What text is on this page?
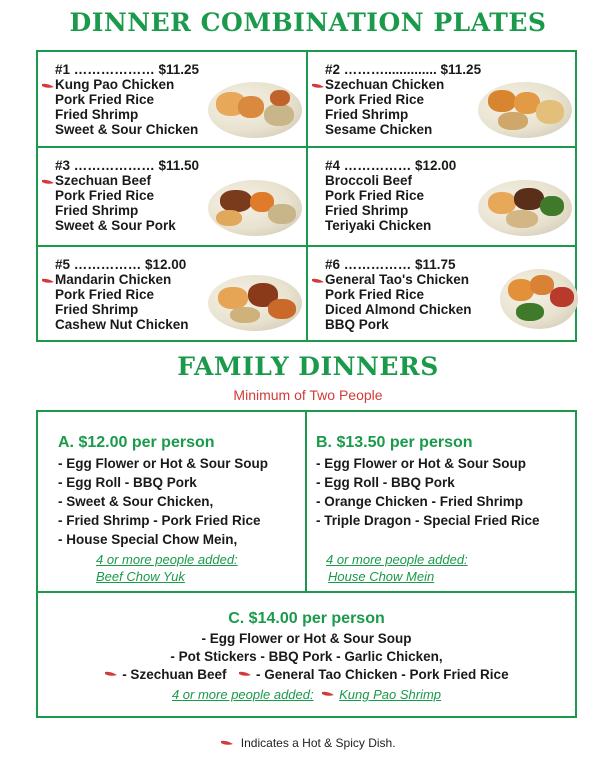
DINNER COMBINATION PLATES
#1 ……………… $11.25
Kung Pao Chicken
Pork Fried Rice
Fried Shrimp
Sweet & Sour Chicken
#2 ……….............. $11.25
Szechuan Chicken
Pork Fried Rice
Fried Shrimp
Sesame Chicken
#3 ……………… $11.50
Szechuan Beef
Pork Fried Rice
Fried Shrimp
Sweet & Sour Pork
#4 …………… $12.00
Broccoli Beef
Pork Fried Rice
Fried Shrimp
Teriyaki Chicken
#5 …………… $12.00
Mandarin Chicken
Pork Fried Rice
Fried Shrimp
Cashew Nut Chicken
#6 …………… $11.75
General Tao's Chicken
Pork Fried Rice
Diced Almond Chicken
BBQ Pork
FAMILY DINNERS
Minimum of Two People
A. $12.00 per person
- Egg Flower or Hot & Sour Soup
- Egg Roll - BBQ Pork
- Sweet & Sour Chicken,
- Fried Shrimp - Pork Fried Rice
- House Special Chow Mein,
4 or more people added:
Beef Chow Yuk
B. $13.50 per person
- Egg Flower or Hot & Sour Soup
- Egg Roll - BBQ Pork
- Orange Chicken - Fried Shrimp
- Triple Dragon - Special Fried Rice
4 or more people added:
House Chow Mein
C. $14.00 per person
- Egg Flower or Hot & Sour Soup
- Pot Stickers - BBQ Pork - Garlic Chicken,
- Szechuan Beef - General Tao Chicken - Pork Fried Rice
4 or more people added: Kung Pao Shrimp
Indicates a Hot & Spicy Dish.
